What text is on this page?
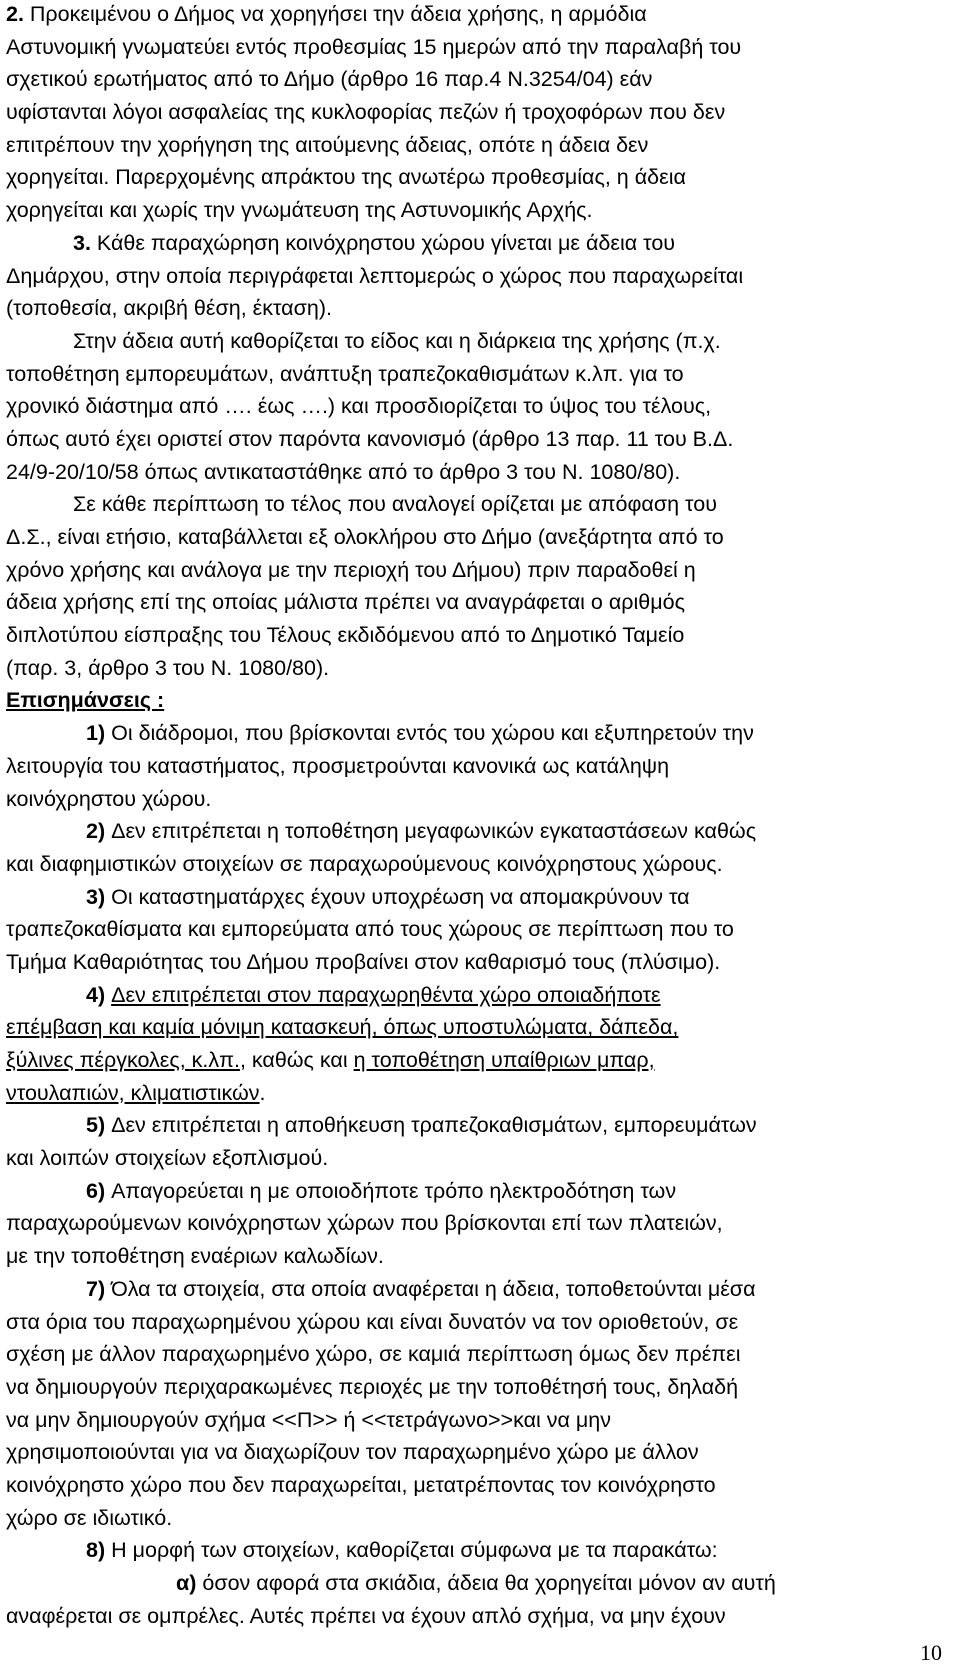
2. Προκειμένου ο Δήμος να χορηγήσει την άδεια χρήσης, η αρμόδια
Αστυνομική γνωματεύει εντός προθεσμίας 15 ημερών από την παραλαβή του
σχετικού ερωτήματος από το Δήμο (άρθρο 16 παρ.4 Ν.3254/04) εάν
υφίστανται λόγοι ασφαλείας της κυκλοφορίας πεζών ή τροχοφόρων που δεν
επιτρέπουν την χορήγηση της αιτούμενης άδειας, οπότε η άδεια δεν
χορηγείται. Παρερχομένης απράκτου της ανωτέρω προθεσμίας, η άδεια
χορηγείται και χωρίς την γνωμάτευση της Αστυνομικής Αρχής.
3. Κάθε παραχώρηση κοινόχρηστου χώρου γίνεται με άδεια του
Δημάρχου, στην οποία περιγράφεται λεπτομερώς ο χώρος που παραχωρείται
(τοποθεσία, ακριβή θέση, έκταση).
Στην άδεια αυτή καθορίζεται το είδος και η διάρκεια της χρήσης (π.χ.
τοποθέτηση εμπορευμάτων, ανάπτυξη τραπεζοκαθισμάτων κ.λπ. για το
χρονικό διάστημα από …. έως ….) και προσδιορίζεται το ύψος του τέλους,
όπως αυτό έχει οριστεί στον παρόντα κανονισμό (άρθρο 13 παρ. 11 του Β.Δ.
24/9-20/10/58 όπως αντικαταστάθηκε από το άρθρο 3 του Ν. 1080/80).
Σε κάθε περίπτωση το τέλος που αναλογεί ορίζεται με απόφαση του
Δ.Σ., είναι ετήσιο, καταβάλλεται εξ ολοκλήρου στο Δήμο (ανεξάρτητα από το
χρόνο χρήσης και ανάλογα με την περιοχή του Δήμου) πριν παραδοθεί η
άδεια χρήσης επί της οποίας μάλιστα πρέπει να αναγράφεται ο αριθμός
διπλοτύπου είσπραξης του Τέλους εκδιδόμενου από το Δημοτικό Ταμείο
(παρ. 3, άρθρο 3 του Ν. 1080/80).
Επισημάνσεις :
1) Οι διάδρομοι, που βρίσκονται εντός του χώρου και εξυπηρετούν την
λειτουργία του καταστήματος, προσμετρούνται κανονικά ως κατάληψη
κοινόχρηστου χώρου.
2) Δεν επιτρέπεται η τοποθέτηση μεγαφωνικών εγκαταστάσεων καθώς
και διαφημιστικών στοιχείων σε παραχωρούμενους κοινόχρηστους χώρους.
3) Οι καταστηματάρχες έχουν υποχρέωση να απομακρύνουν τα
τραπεζοκαθίσματα και εμπορεύματα από τους χώρους σε περίπτωση που το
Τμήμα Καθαριότητας του Δήμου προβαίνει στον καθαρισμό τους (πλύσιμο).
4) Δεν επιτρέπεται στον παραχωρηθέντα χώρο οποιαδήποτε
επέμβαση και καμία μόνιμη κατασκευή, όπως υποστυλώματα, δάπεδα,
ξύλινες πέργκολες, κ.λπ., καθώς και η τοποθέτηση υπαίθριων μπαρ,
ντουλαπιών, κλιματιστικών.
5) Δεν επιτρέπεται η αποθήκευση τραπεζοκαθισμάτων, εμπορευμάτων
και λοιπών στοιχείων εξοπλισμού.
6) Απαγορεύεται η με οποιοδήποτε τρόπο ηλεκτροδότηση των
παραχωρούμενων κοινόχρηστων χώρων που βρίσκονται επί των πλατειών,
με την τοποθέτηση εναέριων καλωδίων.
7) Όλα τα στοιχεία, στα οποία αναφέρεται η άδεια, τοποθετούνται μέσα
στα όρια του παραχωρημένου χώρου και είναι δυνατόν να τον οριοθετούν, σε
σχέση με άλλον παραχωρημένο χώρο, σε καμιά περίπτωση όμως δεν πρέπει
να δημιουργούν περιχαρακωμένες περιοχές με την τοποθέτησή τους, δηλαδή
να μην δημιουργούν σχήμα <<Π>> ή <<τετράγωνο>>και να μην
χρησιμοποιούνται για να διαχωρίζουν τον παραχωρημένο χώρο με άλλον
κοινόχρηστο χώρο που δεν παραχωρείται, μετατρέποντας τον κοινόχρηστο
χώρο σε ιδιωτικό.
8) Η μορφή των στοιχείων, καθορίζεται σύμφωνα με τα παρακάτω:
α) όσον αφορά στα σκιάδια, άδεια θα χορηγείται μόνον αν αυτή
αναφέρεται σε ομπρέλες. Αυτές πρέπει να έχουν απλό σχήμα, να μην έχουν
10
